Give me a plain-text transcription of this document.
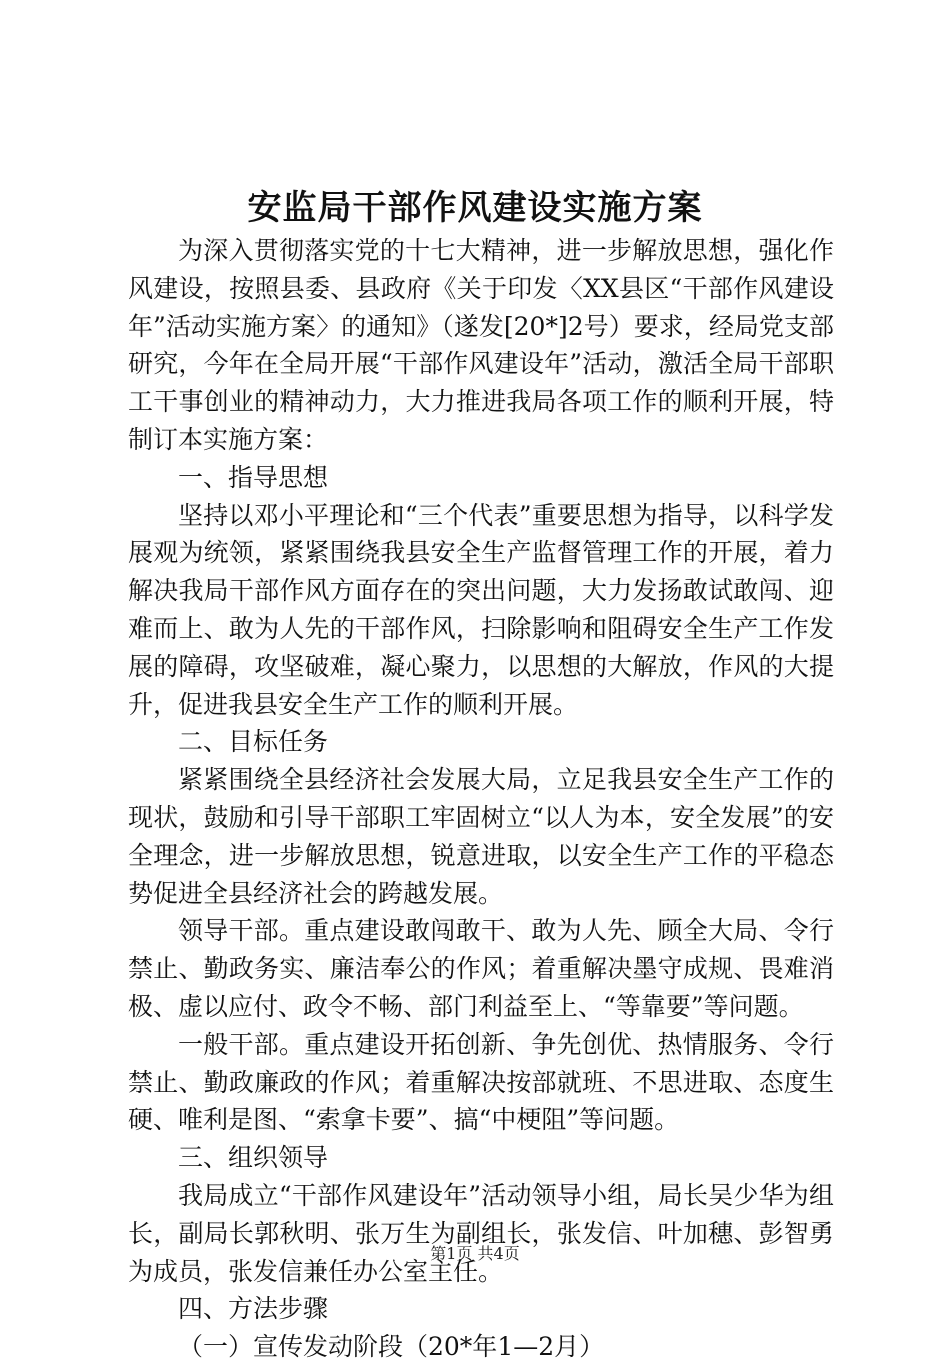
安监局干部作风建设实施方案

为深入贯彻落实党的十七大精神，进一步解放思想，强化作风建设，按照县委、县政府《关于印发〈XX县区“干部作风建设年”活动实施方案〉的通知》（遂发[20*]2号）要求，经局党支部研究，今年在全局开展“干部作风建设年”活动，激活全局干部职工干事创业的精神动力，大力推进我局各项工作的顺利开展，特制订本实施方案：

一、指导思想

坚持以邓小平理论和“三个代表”重要思想为指导，以科学发展观为统领，紧紧围绕我县安全生产监督管理工作的开展，着力解决我局干部作风方面存在的突出问题，大力发扬敢试敢闯、迎难而上、敢为人先的干部作风，扫除影响和阻碍安全生产工作发展的障碍，攻坚破难，凝心聚力，以思想的大解放，作风的大提升，促进我县安全生产工作的顺利开展。

二、目标任务

紧紧围绕全县经济社会发展大局，立足我县安全生产工作的现状，鼓励和引导干部职工牢固树立“以人为本，安全发展”的安全理念，进一步解放思想，锐意进取，以安全生产工作的平稳态势促进全县经济社会的跨越发展。

领导干部。重点建设敢闯敢干、敢为人先、顾全大局、令行禁止、勤政务实、廉洁奉公的作风；着重解决墨守成规、畏难消极、虚以应付、政令不畅、部门利益至上、“等靠要”等问题。

一般干部。重点建设开拓创新、争先创优、热情服务、令行禁止、勤政廉政的作风；着重解决按部就班、不思进取、态度生硬、唯利是图、“索拿卡要”、搞“中梗阻”等问题。

三、组织领导

我局成立“干部作风建设年”活动领导小组，局长吴少华为组长，副局长郭秋明、张万生为副组长，张发信、叶加穗、彭智勇为成员，张发信兼任办公室主任。

四、方法步骤

（一）宣传发动阶段（20*年1—2月）

第1页 共4页
